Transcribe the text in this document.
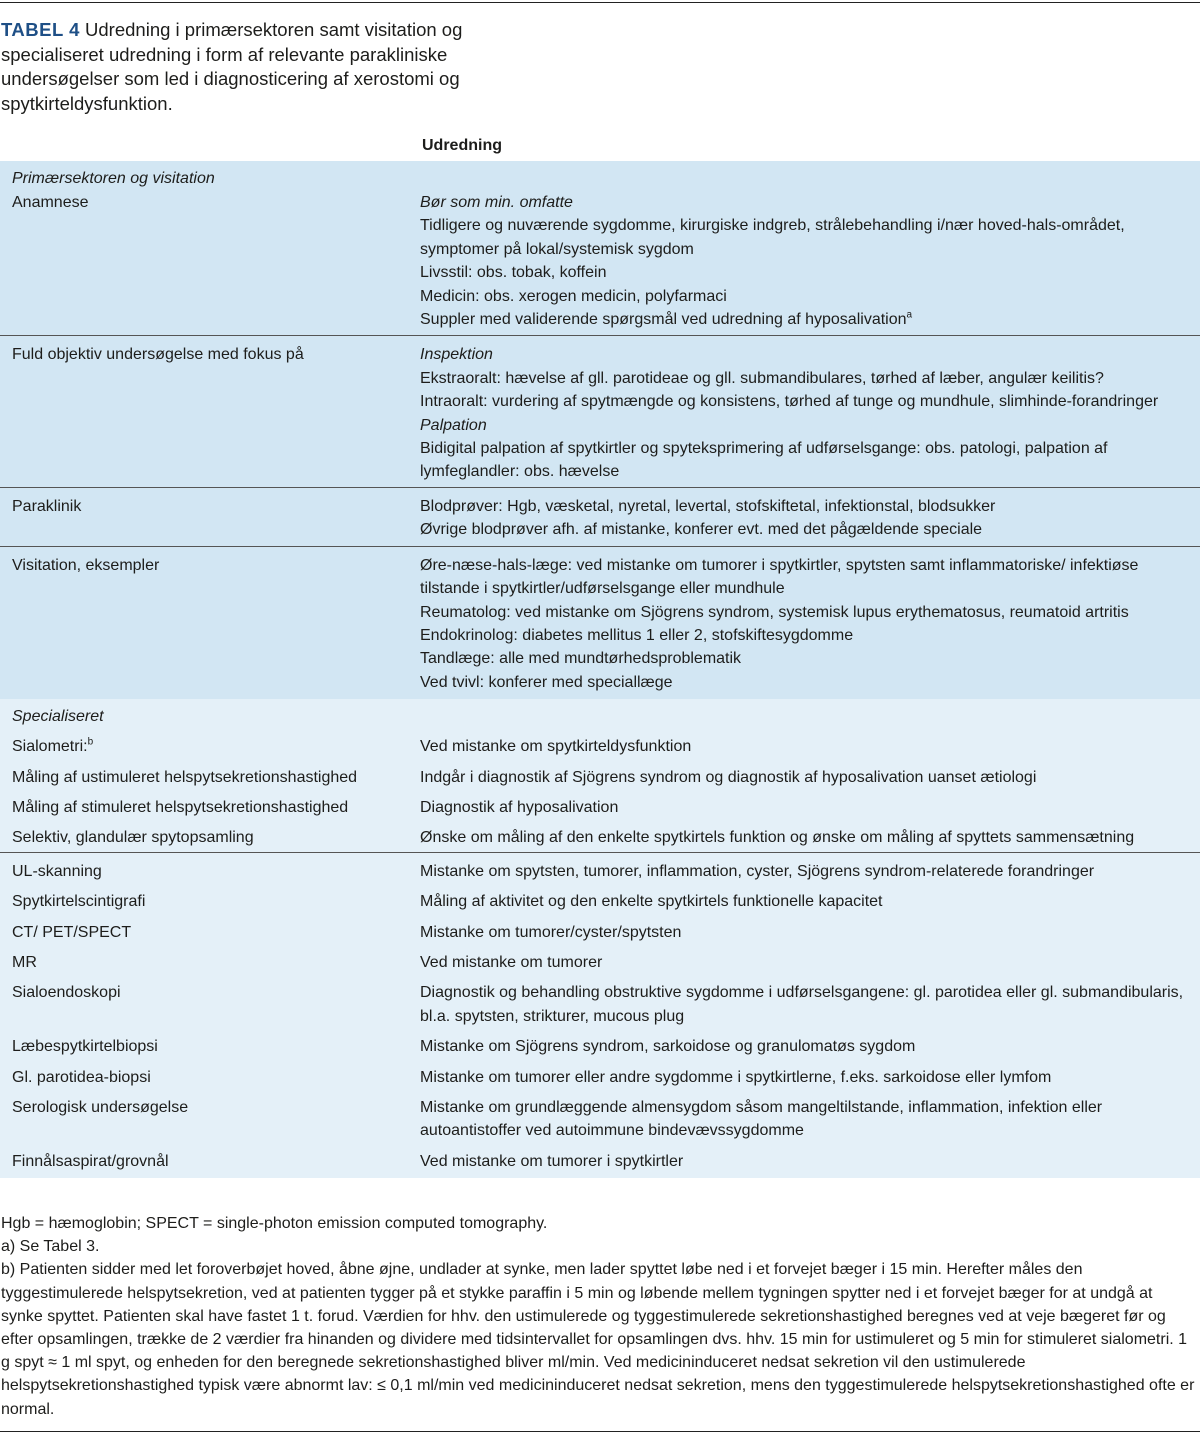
TABEL 4 Udredning i primærsektoren samt visitation og specialiseret udredning i form af relevante parakliniske undersøgelser som led i diagnosticering af xerostomi og spytkirteldysfunktion.
Udredning
Primærsektoren og visitation
Anamnese	Bør som min. omfatte
Tidligere og nuværende sygdomme, kirurgiske indgreb, strålebehandling i/nær hoved-hals-området, symptomer på lokal/systemisk sygdom
Livsstil: obs. tobak, koffein
Medicin: obs. xerogen medicin, polyfarmaci
Suppler med validerende spørgsmål ved udredning af hyposalivation$^a$
Fuld objektiv undersøgelse med fokus på	Inspektion
Ekstraoralt: hævelse af gll. parotideae og gll. submandibulares, tørhed af læber, angulær keilitis?
Intraoralt: vurdering af spytmængde og konsistens, tørhed af tunge og mundhule, slimhinde-forandringer
Palpation
Bidigital palpation af spytkirtler og spyteksprimering af udførselsgange: obs. patologi, palpation af lymfeglandler: obs. hævelse
Paraklinik	Blodprøver: Hgb, væsketal, nyretal, levertal, stofskiftetal, infektionstal, blodsukker
Øvrige blodprøver afh. af mistanke, konferer evt. med det pågældende speciale
Visitation, eksempler	Øre-næse-hals-læge: ved mistanke om tumorer i spytkirtler, spytsten samt inflammatoriske/ infektiøse tilstande i spytkirtler/udførselsgange eller mundhule
Reumatolog: ved mistanke om Sjögrens syndrom, systemisk lupus erythematosus, reumatoid artritis
Endokrinolog: diabetes mellitus 1 eller 2, stofskiftesygdomme
Tandlæge: alle med mundtørhedsproblematik
Ved tvivl: konferer med speciallæge
Specialiseret
Sialometri:$^b$	Ved mistanke om spytkirteldysfunktion
Måling af ustimuleret helspytsekretionshastighed	Indgår i diagnostik af Sjögrens syndrom og diagnostik af hyposalivation uanset ætiologi
Måling af stimuleret helspytsekretionshastighed	Diagnostik af hyposalivation
Selektiv, glandulær spytopsamling	Ønske om måling af den enkelte spytkirtels funktion og ønske om måling af spyttets sammensætning
UL-skanning	Mistanke om spytsten, tumorer, inflammation, cyster, Sjögrens syndrom-relaterede forandringer
Spytkirtelscintigrafi	Måling af aktivitet og den enkelte spytkirtels funktionelle kapacitet
CT/ PET/SPECT	Mistanke om tumorer/cyster/spytsten
MR	Ved mistanke om tumorer
Sialoendoskopi	Diagnostik og behandling obstruktive sygdomme i udførselsgangene: gl. parotidea eller gl. submandibularis, bl.a. spytsten, strikturer, mucous plug
Læbespytkirtelbiopsi	Mistanke om Sjögrens syndrom, sarkoidose og granulomatøs sygdom
Gl. parotidea-biopsi	Mistanke om tumorer eller andre sygdomme i spytkirtlerne, f.eks. sarkoidose eller lymfom
Serologisk undersøgelse	Mistanke om grundlæggende almensygdom såsom mangeltilstande, inflammation, infektion eller autoantistoffer ved autoimmune bindevævssygdomme
Finnålsaspirat/grovnål	Ved mistanke om tumorer i spytkirtler

Hgb = hæmoglobin; SPECT = single-photon emission computed tomography.

a) Se Tabel 3.

b) Patienten sidder med let foroverbøjet hoved, åbne øjne, undlader at synke, men lader spyttet løbe ned i et forvejet bæger i 15 min. Herefter måles den tyggestimulerede helspytsekretion, ved at patienten tygger på et stykke paraffin i 5 min og løbende mellem tygningen spytter ned i et forvejet bæger for at undgå at synke spyttet. Patienten skal have fastet 1 t. forud. Værdien for hhv. den ustimulerede og tyggestimulerede sekretionshastighed beregnes ved at veje bægeret før og efter opsamlingen, trække de 2 værdier fra hinanden og dividere med tidsintervallet for opsamlingen dvs. hhv. 15 min for ustimuleret og 5 min for stimuleret sialometri. 1 g spyt ≈ 1 ml spyt, og enheden for den beregnede sekretionshastighed bliver ml/min. Ved medicininduceret nedsat sekretion vil den ustimulerede helspytsekretionshastighed typisk være abnormt lav: ≤ 0,1 ml/min ved medicininduceret nedsat sekretion, mens den tyggestimulerede helspytsekretionshastighed ofte er normal.
